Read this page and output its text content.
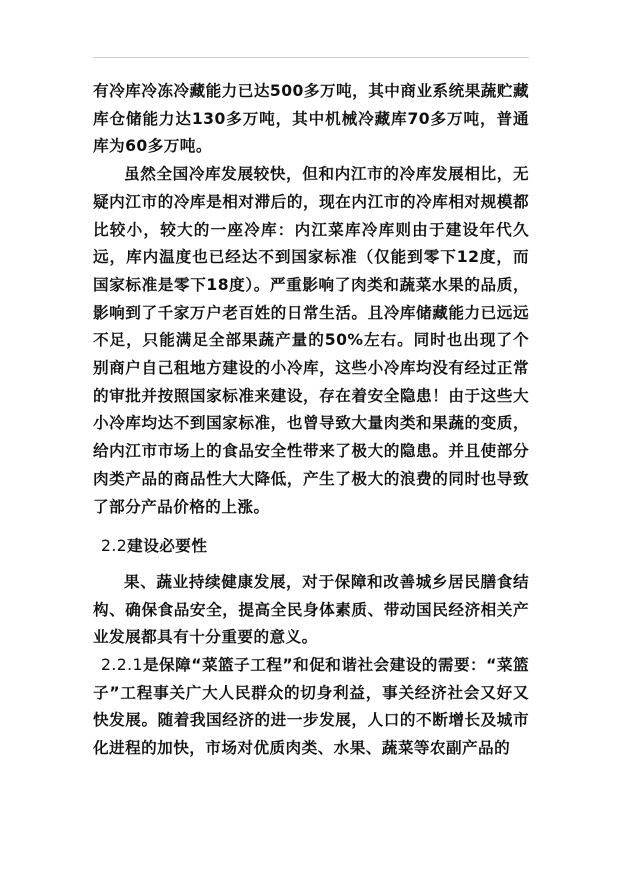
有冷库冷冻冷藏能力已达500多万吨，其中商业系统果蔬贮藏库仓储能力达130多万吨，其中机械冷藏库70多万吨，普通库为60多万吨。

虽然全国冷库发展较快，但和内江市的冷库发展相比，无疑内江市的冷库是相对滞后的，现在内江市的冷库相对规模都比较小，较大的一座冷库：内江菜库冷库则由于建设年代久远，库内温度也已经达不到国家标准（仅能到零下12度，而国家标准是零下18度）。严重影响了肉类和蔬菜水果的品质，影响到了千家万户老百姓的日常生活。且冷库储藏能力已远远不足，只能满足全部果蔬产量的50%左右。同时也出现了个别商户自己租地方建设的小冷库，这些小冷库均没有经过正常的审批并按照国家标准来建设，存在着安全隐患！由于这些大小冷库均达不到国家标准，也曾导致大量肉类和果蔬的变质，给内江市市场上的食品安全性带来了极大的隐患。并且使部分肉类产品的商品性大大降低，产生了极大的浪费的同时也导致了部分产品价格的上涨。

2.2建设必要性

果、蔬业持续健康发展，对于保障和改善城乡居民膳食结构、确保食品安全，提高全民身体素质、带动国民经济相关产业发展都具有十分重要的意义。

2.2.1是保障“菜篮子工程”和促和谐社会建设的需要：“菜篮子”工程事关广大人民群众的切身利益，事关经济社会又好又快发展。随着我国经济的进一步发展，人口的不断增长及城市化进程的加快，市场对优质肉类、水果、蔬菜等农副产品的
